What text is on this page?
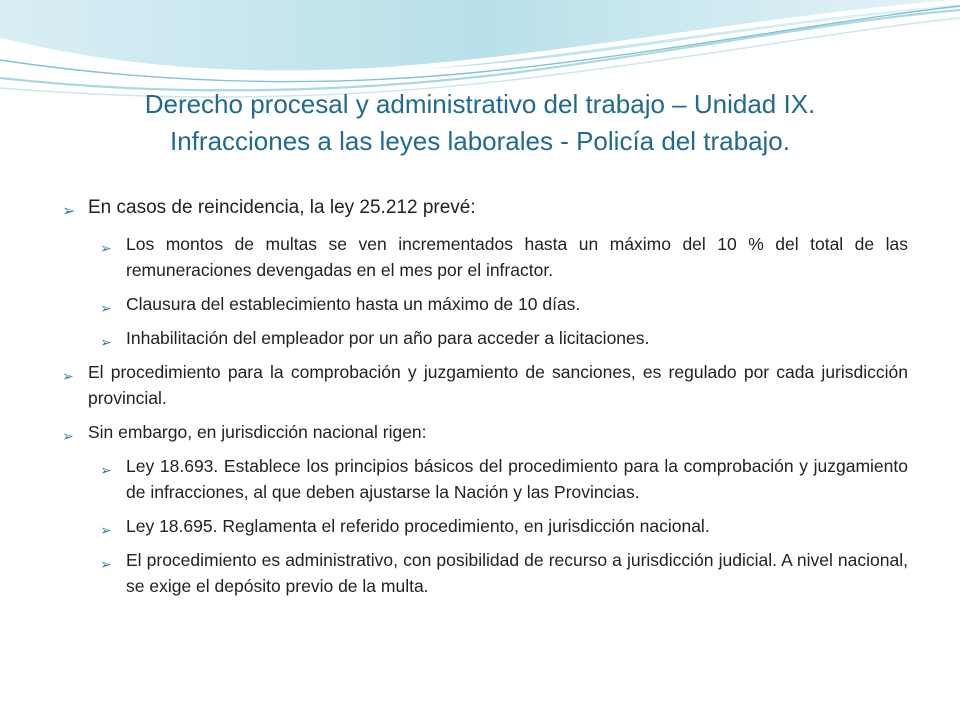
Derecho procesal y administrativo del trabajo – Unidad IX.
Infracciones a las leyes laborales - Policía del trabajo.
➢ En casos de reincidencia, la ley 25.212 prevé:
➢ Los montos de multas se ven incrementados hasta un máximo del 10 % del total de las remuneraciones devengadas en el mes por el infractor.
➢ Clausura del establecimiento hasta un máximo de 10 días.
➢ Inhabilitación del empleador por un año para acceder a licitaciones.
➢ El procedimiento para la comprobación y juzgamiento de sanciones, es regulado por cada jurisdicción provincial.
➢ Sin embargo, en jurisdicción nacional rigen:
➢ Ley 18.693. Establece los principios básicos del procedimiento para la comprobación y juzgamiento de infracciones, al que deben ajustarse la Nación y las Provincias.
➢ Ley 18.695. Reglamenta el referido procedimiento, en jurisdicción nacional.
➢ El procedimiento es administrativo, con posibilidad de recurso a jurisdicción judicial. A nivel nacional, se exige el depósito previo de la multa.
